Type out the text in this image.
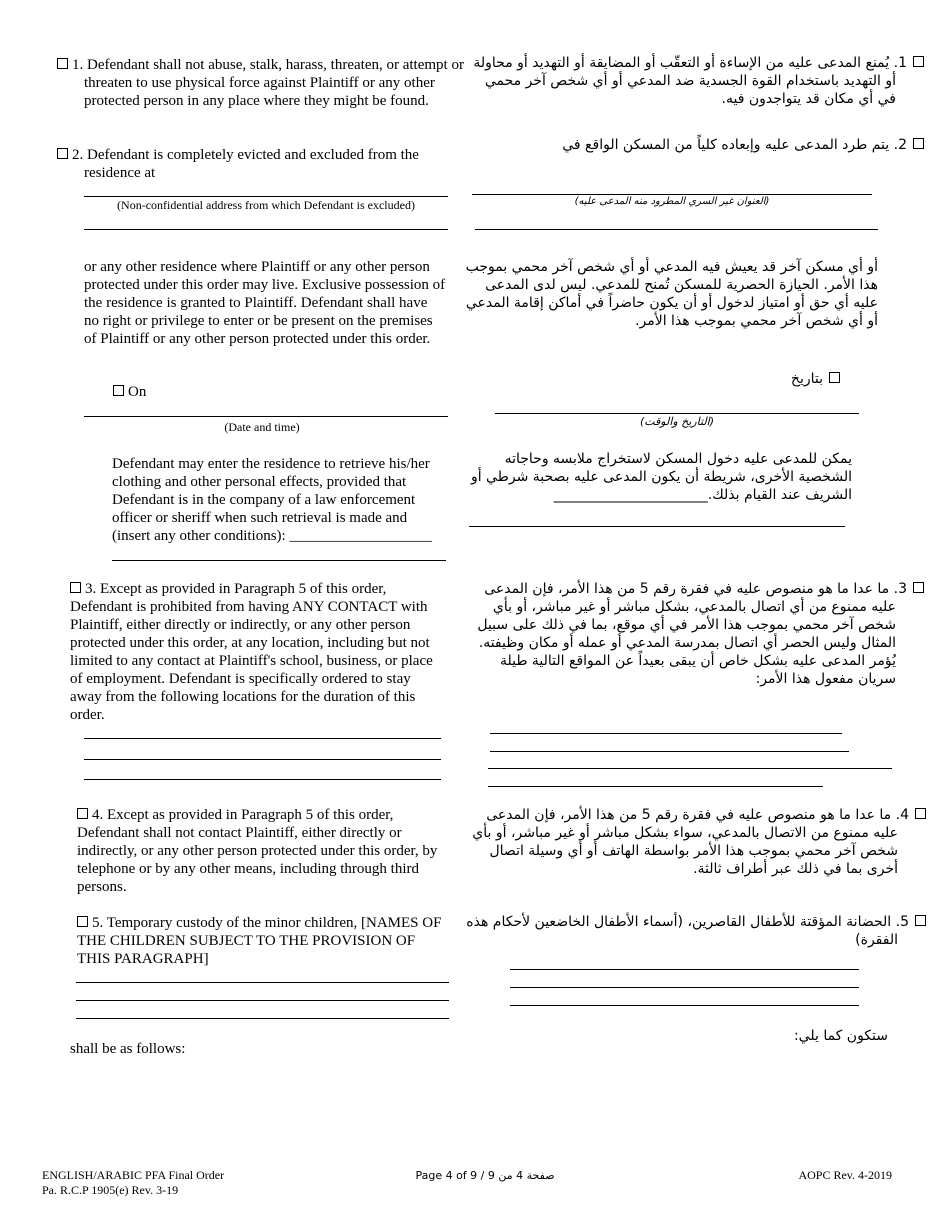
1. Defendant shall not abuse, stalk, harass, threaten, or attempt or threaten to use physical force against Plaintiff or any other protected person in any place where they might be found.
1. يُمنع المدعى عليه من الإساءة أو التعقّب أو المضايقة أو التهديد أو محاولة أو التهديد باستخدام القوة الجسدية ضد المدعي أو أي شخص آخر محمي في أي مكان قد يتواجدون فيه.
2. Defendant is completely evicted and excluded from the residence at
2. يتم طرد المدعى عليه وإبعاده كلياً من المسكن الواقع في
(Non-confidential address from which Defendant is excluded)	(العنوان غير السري المطرود منه المدعى عليه)
or any other residence where Plaintiff or any other person protected under this order may live. Exclusive possession of the residence is granted to Plaintiff. Defendant shall have no right or privilege to enter or be present on the premises of Plaintiff or any other person protected under this order.
أو أي مسكن آخر قد يعيش فيه المدعي أو أي شخص آخر محمي بموجب هذا الأمر. الحيازة الحصرية للمسكن تُمنح للمدعي. ليس لدى المدعى عليه أي حق أو امتياز لدخول أو أن يكون حاضراً في أماكن إقامة المدعي أو أي شخص آخر محمي بموجب هذا الأمر.
On
بتاريخ
(Date and time)	(التاريخ والوقت)
Defendant may enter the residence to retrieve his/her clothing and other personal effects, provided that Defendant is in the company of a law enforcement officer or sheriff when such retrieval is made and (insert any other conditions): ___________________
يمكن للمدعى عليه دخول المسكن لاستخراج ملابسه وحاجاته الشخصية الأخرى، شريطة أن يكون المدعى عليه بصحبة شرطي أو الشريف عند القيام بذلك.______________________
3. Except as provided in Paragraph 5 of this order, Defendant is prohibited from having ANY CONTACT with Plaintiff, either directly or indirectly, or any other person protected under this order, at any location, including but not limited to any contact at Plaintiff's school, business, or place of employment. Defendant is specifically ordered to stay away from the following locations for the duration of this order.
3. ما عدا ما هو منصوص عليه في فقرة رقم 5 من هذا الأمر، فإن المدعى عليه ممنوع من أي اتصال بالمدعي، بشكل مباشر أو غير مباشر، أو بأي شخص آخر محمي بموجب هذا الأمر في أي موقع، بما في ذلك على سبيل المثال وليس الحصر أي اتصال بمدرسة المدعي أو عمله أو مكان وظيفته. يُؤمر المدعى عليه بشكل خاص أن يبقى بعيداً عن المواقع التالية طيلة سريان مفعول هذا الأمر:
4. Except as provided in Paragraph 5 of this order, Defendant shall not contact Plaintiff, either directly or indirectly, or any other person protected under this order, by telephone or by any other means, including through third persons.
4. ما عدا ما هو منصوص عليه في فقرة رقم 5 من هذا الأمر، فإن المدعى عليه ممنوع من الاتصال بالمدعي، سواء بشكل مباشر أو غير مباشر، أو بأي شخص آخر محمي بموجب هذا الأمر بواسطة الهاتف أو أي وسيلة اتصال أخرى بما في ذلك عبر أطراف ثالثة.
5. Temporary custody of the minor children, [NAMES OF THE CHILDREN SUBJECT TO THE PROVISION OF THIS PARAGRAPH]
5. الحضانة المؤقتة للأطفال القاصرين، (أسماء الأطفال الخاضعين لأحكام هذه الفقرة)
shall be as follows:
ستكون كما يلي:
ENGLISH/ARABIC PFA Final Order
Pa. R.C.P 1905(e) Rev. 3-19
Page 4 of 9 / 9 صفحة 4 من	AOPC Rev. 4-2019
